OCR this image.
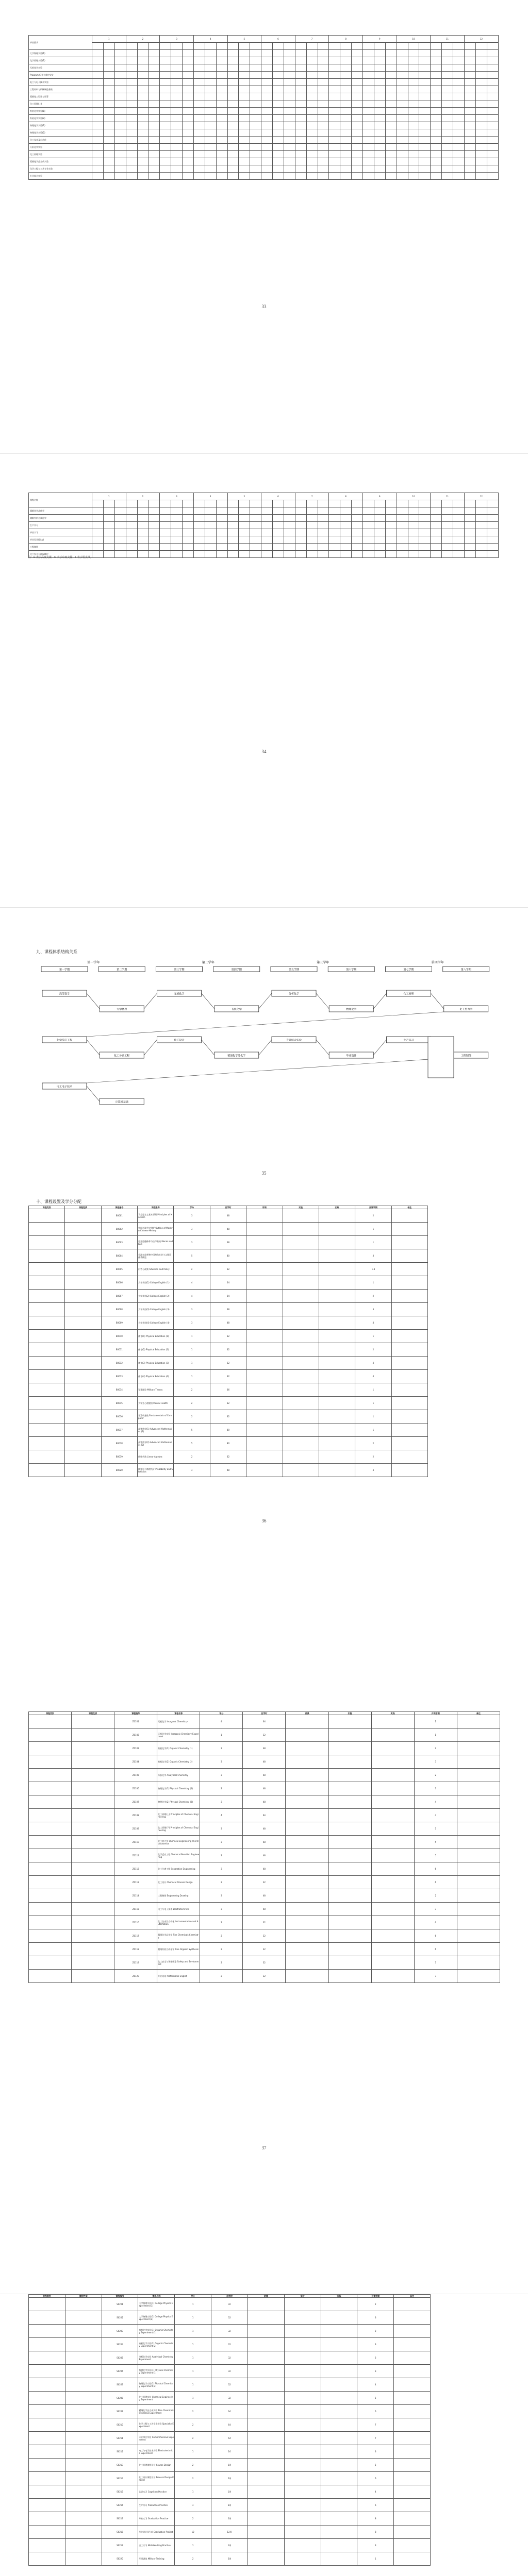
毕业要求	1			2			3			4			5			6			7			8			9			10			11			12		

大学物理实验(1)																																				
化学原理实验(1)																																				
无机化学实验																																				
Program C 语言程序设计																																				
电工与电子技术实验																																				
工程材料与机械制造基础																																				
精细化工设计与计算																																				
化工原理(上)																																				
有机化学实验(1)																																				
有机化学实验(2)																																				
物理化学实验(1)																																				
物理化学实验(2)																																				
化工仪表及自动化																																				
分析化学实验																																				
化工原理实验																																				
精细化学品合成实验																																				
化学工程与工艺专业实验																																				
专业综合实验																																				
33
课程名称	1			2			3			4			5			6			7			8			9			10			11			12		

精细化学品化学																																				
精细有机合成化学																																				
生产实习																																				
毕业实习																																				
毕业设计(论文)																																				
工程制图																																				
化工安全与环保概论																																				
注：H 表示高度支撑，M 表示中度支撑，L 表示弱支撑。
34
九、课程体系结构关系
第一学年	第二学年	第三学年	第四学年
第一学期	第二学期	第三学期	第四学期	第五学期	第六学期	第七学期	第八学期
高等数学
大学物理
无机化学
有机化学
分析化学
物理化学
化工原理
化工热力学
化学反应工程
化工分离工程
化工设计
精细化学品化学
专业综合实验
毕业设计
生产实习
工程制图
电工电子技术
计算机基础
35
十、课程设置及学分分配
课程类别	课程性质	课程编号	课程名称	学分	总学时	讲课	实验	实践	开课学期	备注
		B0001	马克思主义基本原理 Principles of Marxism	3	48				2	
		B0002	中国近现代史纲要 Outline of Modern Chinese History	3	48				1	
		B0003	思想道德修养与法律基础 Morals and Law	3	48				1	
		B0004	毛泽东思想和中国特色社会主义理论体系概论	5	80				3	
		B0005	形势与政策 Situation and Policy	2	32				1-8	
		B0006	大学英语(1) College English (1)	4	64				1	
		B0007	大学英语(2) College English (2)	4	64				2	
		B0008	大学英语(3) College English (3)	3	48				3	
		B0009	大学英语(4) College English (4)	3	48				4	
		B0010	体育(1) Physical Education (1)	1	32				1	
		B0011	体育(2) Physical Education (2)	1	32				2	
		B0012	体育(3) Physical Education (3)	1	32				3	
		B0013	体育(4) Physical Education (4)	1	32				4	
		B0014	军事理论 Military Theory	2	36				1	
		B0015	大学生心理健康 Mental Health	2	32				1	
		B0016	计算机基础 Fundamentals of Computer	2	32				1	
		B0017	高等数学(1) Advanced Mathematics (1)	5	80				1	
		B0018	高等数学(2) Advanced Mathematics (2)	5	80				2	
		B0019	线性代数 Linear Algebra	2	32				2	
		B0020	概率论与数理统计 Probability and Statistics	3	48				3	
36
课程类别	课程性质	课程编号	课程名称	学分	总学时	讲课	实验	实践	开课学期	备注
		Z0101	无机化学 Inorganic Chemistry	4	64				1	
		Z0102	无机化学实验 Inorganic Chemistry Experiment	1	32				1	
		Z0103	有机化学(1) Organic Chemistry (1)	3	48				2	
		Z0104	有机化学(2) Organic Chemistry (2)	3	48				3	
		Z0105	分析化学 Analytical Chemistry	3	48				2	
		Z0106	物理化学(1) Physical Chemistry (1)	3	48				3	
		Z0107	物理化学(2) Physical Chemistry (2)	3	48				4	
		Z0108	化工原理(上) Principles of Chemical Engineering	4	64				4	
		Z0109	化工原理(下) Principles of Chemical Engineering	3	48				5	
		Z0110	化工热力学 Chemical Engineering Thermodynamics	3	48				5	
		Z0111	化学反应工程 Chemical Reaction Engineering	3	48				5	
		Z0112	化工分离工程 Separation Engineering	3	48				6	
		Z0113	化工设计 Chemical Process Design	2	32				6	
		Z0114	工程制图 Engineering Drawing	3	48				2	
		Z0115	电工与电子技术 Electrotechnics	3	48				3	
		Z0116	化工仪表及自动化 Instrumentation and Automation	2	32				6	
		Z0117	精细化学品化学 Fine Chemicals Chemistry	2	32				6	
		Z0118	精细有机合成化学 Fine Organic Synthesis	2	32				6	
		Z0119	化工安全与环保概论 Safety and Environment	2	32				7	
		Z0120	专业英语 Professional English	2	32				7	
37
课程类别	课程性质	课程编号	课程名称	学分	总学时	讲课	实验	实践	开课学期	备注
		S0201	大学物理实验(1) College Physics Experiment (1)	1	32				2	
		S0202	大学物理实验(2) College Physics Experiment (2)	1	32				3	
		S0203	有机化学实验(1) Organic Chemistry Experiment (1)	1	32				2	
		S0204	有机化学实验(2) Organic Chemistry Experiment (2)	1	32				3	
		S0205	分析化学实验 Analytical Chemistry Experiment	1	32				2	
		S0206	物理化学实验(1) Physical Chemistry Experiment (1)	1	32				3	
		S0207	物理化学实验(2) Physical Chemistry Experiment (2)	1	32				4	
		S0208	化工原理实验 Chemical Engineering Experiment	1	32				5	
		S0209	精细化学品合成实验 Fine Chemicals Synthesis Experiment	2	64				6	
		S0210	化学工程与工艺专业实验 Specialty Experiment	2	64				7	
		S0211	专业综合实验 Comprehensive Experiment	2	64				7	
		S0212	电工与电子技术实验 Electrotechnics Experiment	1	16				3	
		S0213	化工原理课程设计 Course Design	2	2周				5	
		S0214	化工设计课程设计 Process Design Project	2	2周				6	
		S0215	认识实习 Cognition Practice	1	1周				4	
		S0216	生产实习 Production Practice	3	3周				6	
		S0217	毕业实习 Graduation Practice	2	2周				8	
		S0218	毕业设计(论文) Graduation Project	12	12周				8	
		S0219	金工实习 Metalworking Practice	1	1周				3	
		S0220	军事训练 Military Training	2	2周				1	
